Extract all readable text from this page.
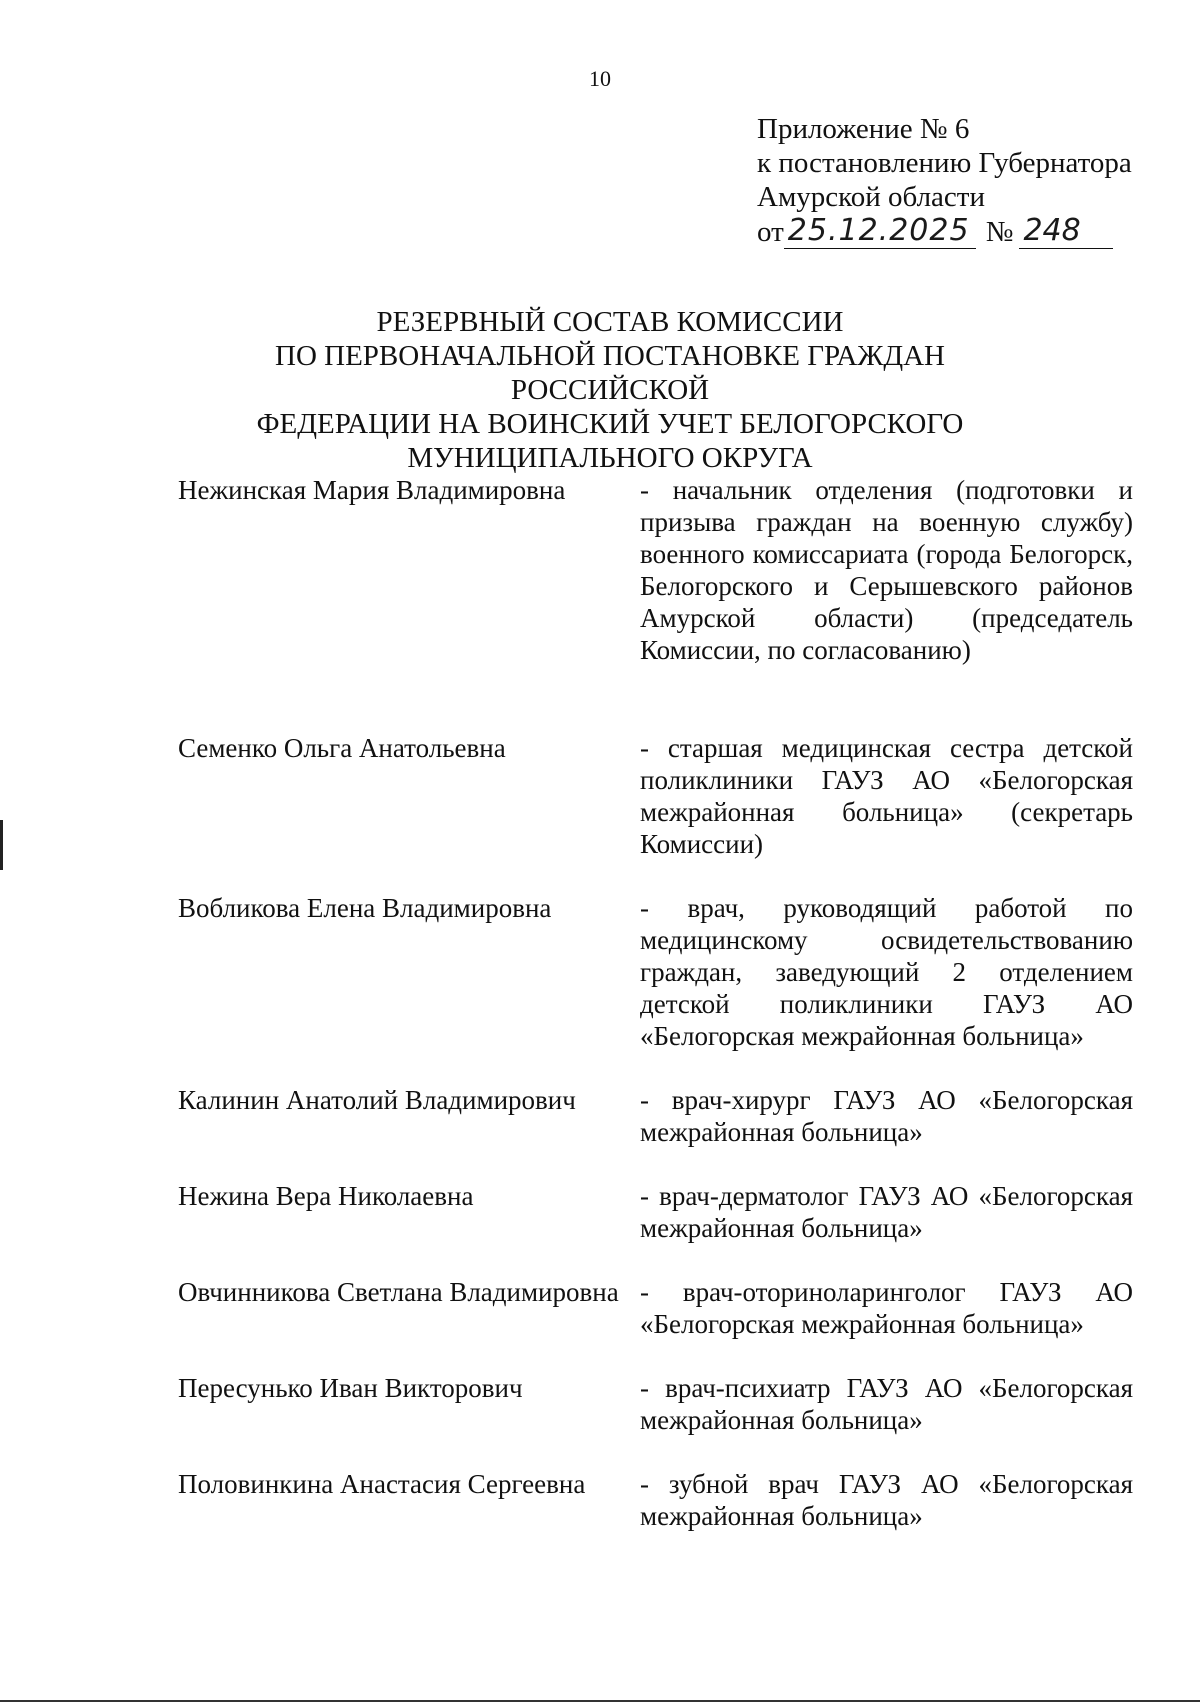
10
Приложение № 6
к постановлению Губернатора
Амурской области
от 25.12.2025 № 248
РЕЗЕРВНЫЙ СОСТАВ КОМИССИИ
ПО ПЕРВОНАЧАЛЬНОЙ ПОСТАНОВКЕ ГРАЖДАН РОССИЙСКОЙ
ФЕДЕРАЦИИ НА ВОИНСКИЙ УЧЕТ БЕЛОГОРСКОГО
МУНИЦИПАЛЬНОГО ОКРУГА
Нежинская Мария Владимировна	- начальник отделения (подготовки и призыва граждан на военную службу) военного комиссариата (города Белогорск, Белогорского и Серышевского районов Амурской области) (председатель Комиссии, по согласованию)
Семенко Ольга Анатольевна	- старшая медицинская сестра детской поликлиники ГАУЗ АО «Белогорская межрайонная больница» (секретарь Комиссии)
Вобликова Елена Владимировна	- врач, руководящий работой по медицинскому освидетельствованию граждан, заведующий 2 отделением детской поликлиники ГАУЗ АО «Белогорская межрайонная больница»
Калинин Анатолий Владимирович	- врач-хирург ГАУЗ АО «Белогорская межрайонная больница»
Нежина Вера Николаевна	- врач-дерматолог ГАУЗ АО «Белогорская межрайонная больница»
Овчинникова Светлана Владимировна - врач-оториноларинголог ГАУЗ АО «Белогорская межрайонная больница»
Пересунько Иван Викторович	- врач-психиатр ГАУЗ АО «Белогорская межрайонная больница»
Половинкина Анастасия Сергеевна	- зубной врач ГАУЗ АО «Белогорская межрайонная больница»
